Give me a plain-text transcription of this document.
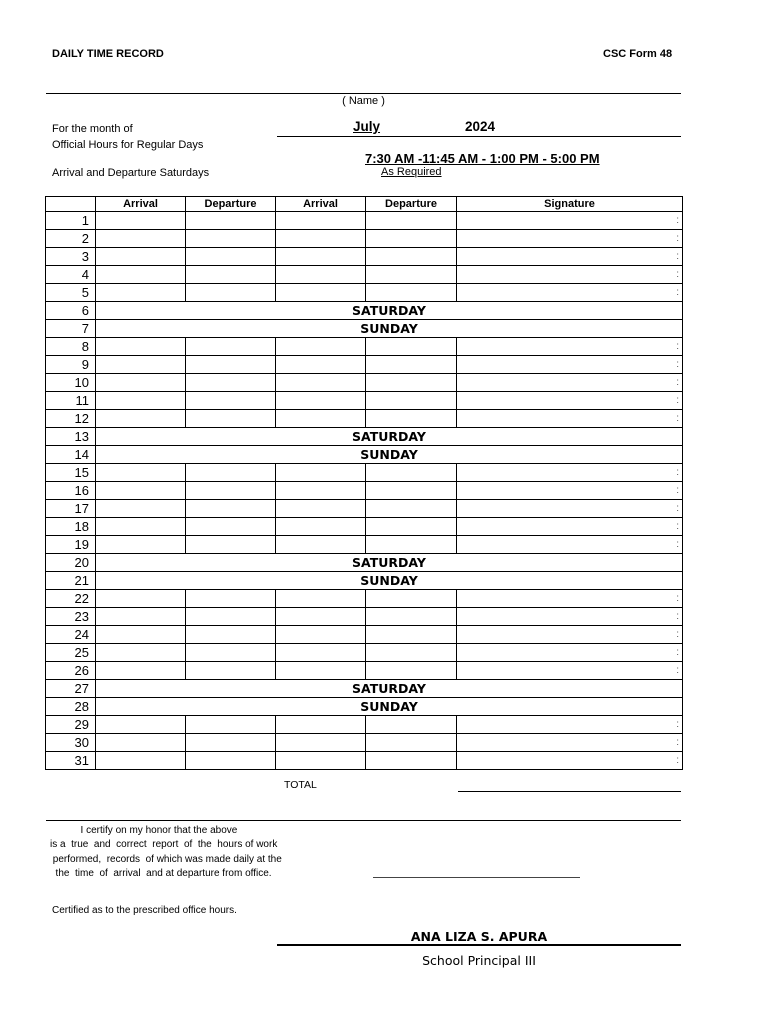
DAILY TIME RECORD	CSC Form 48
( Name )
For the month of	July	2024
Official Hours for Regular Days
7:30 AM -11:45 AM - 1:00 PM - 5:00 PM
Arrival and Departure Saturdays	As Required
	Arrival	Departure	Arrival	Departure	Signature
1					:
2					:
3					:
4					:
5					:
6	SATURDAY				
7	SUNDAY				
8					:
9					:
10					:
11					:
12					:
13	SATURDAY				
14	SUNDAY				
15					:
16					:
17					:
18					:
19					:
20	SATURDAY				
21	SUNDAY				
22					:
23					:
24					:
25					:
26					:
27	SATURDAY				
28	SUNDAY				
29					:
30					:
31					:
TOTAL
I certify on my honor that the above
is a  true  and  correct  report  of  the  hours of work
performed,  records  of which was made daily at the
the  time  of  arrival  and at departure from office.
Certified as to the prescribed office hours.
ANA LIZA S. APURA
School Principal III
